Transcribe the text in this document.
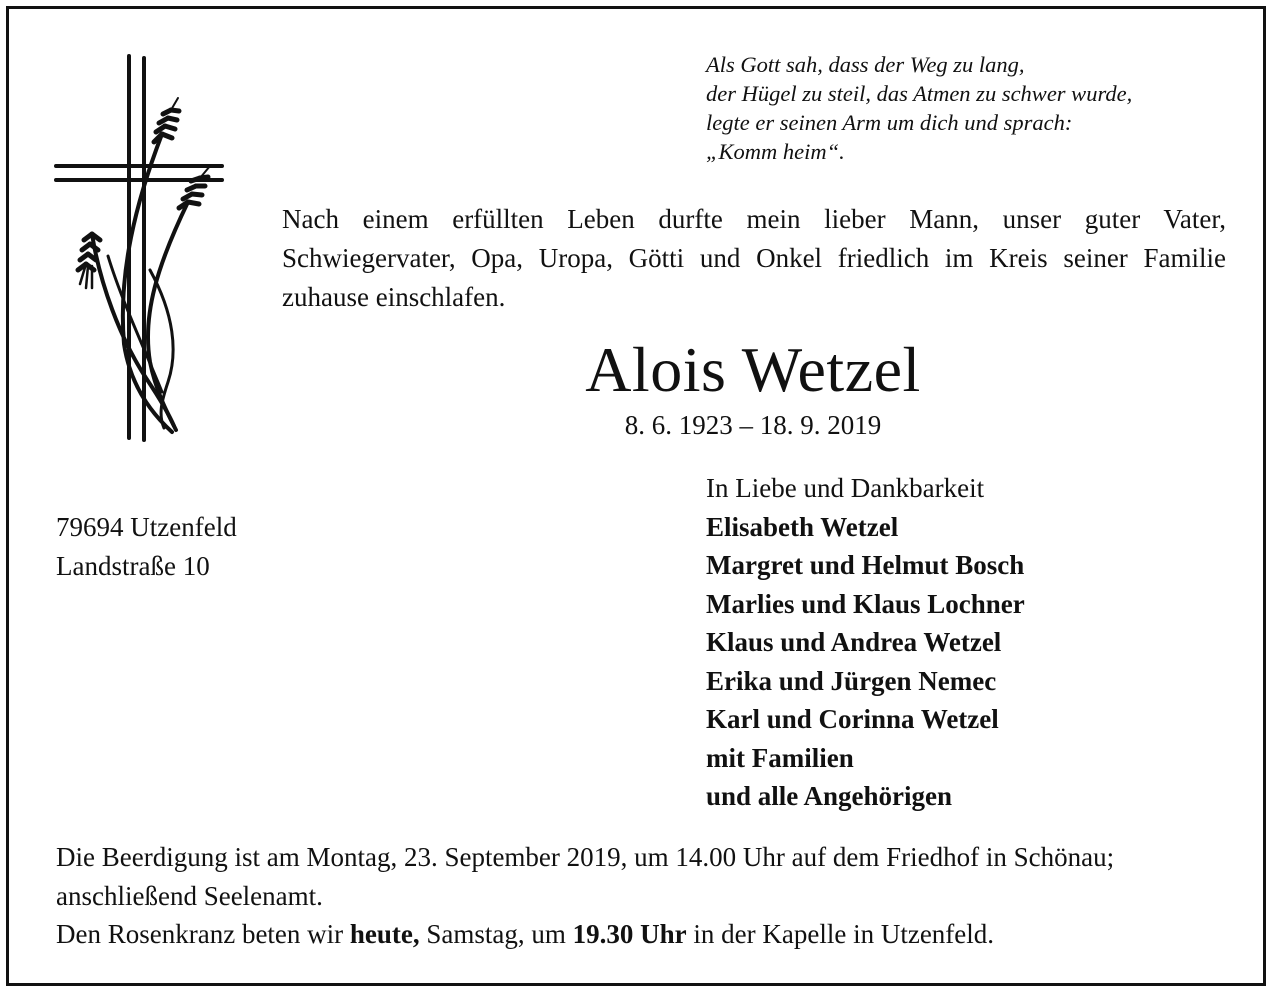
Als Gott sah, dass der Weg zu lang,
der Hügel zu steil, das Atmen zu schwer wurde,
legte er seinen Arm um dich und sprach:
„Komm heim“.
Nach einem erfüllten Leben durfte mein lieber Mann, unser guter Vater, Schwiegervater, Opa, Uropa, Götti und Onkel friedlich im Kreis seiner Familie zuhause einschlafen.
Alois Wetzel
8. 6. 1923 – 18. 9. 2019
79694 Utzenfeld
Landstraße 10
In Liebe und Dankbarkeit
Elisabeth Wetzel
Margret und Helmut Bosch
Marlies und Klaus Lochner
Klaus und Andrea Wetzel
Erika und Jürgen Nemec
Karl und Corinna Wetzel
mit Familien
und alle Angehörigen
Die Beerdigung ist am Montag, 23. September 2019, um 14.00 Uhr auf dem Friedhof in Schönau;
anschließend Seelenamt.
Den Rosenkranz beten wir heute, Samstag, um 19.30 Uhr in der Kapelle in Utzenfeld.
